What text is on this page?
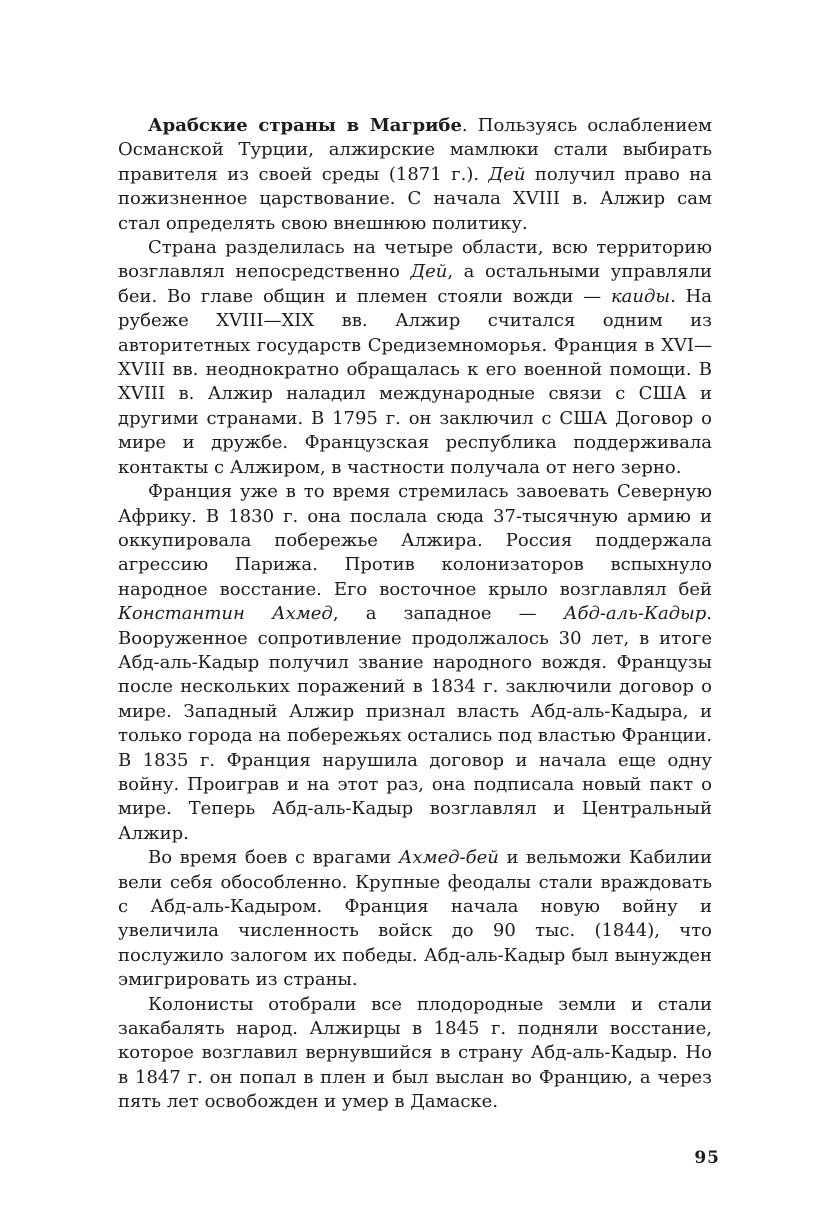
Арабские страны в Магрибе. Пользуясь ослаблением Османской Турции, алжирские мамлюки стали выбирать правителя из своей среды (1871 г.). Дей получил право на пожизненное царствование. С начала XVIII в. Алжир сам стал определять свою внешнюю политику.

Страна разделилась на четыре области, всю территорию возглавлял непосредственно Дей, а остальными управляли беи. Во главе общин и племен стояли вожди — каиды. На рубеже XVIII—XIX вв. Алжир считался одним из авторитетных государств Средиземноморья. Франция в XVI—XVIII вв. неоднократно обращалась к его военной помощи. В XVIII в. Алжир наладил международные связи с США и другими странами. В 1795 г. он заключил с США Договор о мире и дружбе. Французская республика поддерживала контакты с Алжиром, в частности получала от него зерно.

Франция уже в то время стремилась завоевать Северную Африку. В 1830 г. она послала сюда 37-тысячную армию и оккупировала побережье Алжира. Россия поддержала агрессию Парижа. Против колонизаторов вспыхнуло народное восстание. Его восточное крыло возглавлял бей Константин Ахмед, а западное — Абд-аль-Кадыр. Вооруженное сопротивление продолжалось 30 лет, в итоге Абд-аль-Кадыр получил звание народного вождя. Французы после нескольких поражений в 1834 г. заключили договор о мире. Западный Алжир признал власть Абд-аль-Кадыра, и только города на побережьях остались под властью Франции. В 1835 г. Франция нарушила договор и начала еще одну войну. Проиграв и на этот раз, она подписала новый пакт о мире. Теперь Абд-аль-Кадыр возглавлял и Центральный Алжир.

Во время боев с врагами Ахмед-бей и вельможи Кабилии вели себя обособленно. Крупные феодалы стали враждовать с Абд-аль-Кадыром. Франция начала новую войну и увеличила численность войск до 90 тыс. (1844), что послужило залогом их победы. Абд-аль-Кадыр был вынужден эмигрировать из страны.

Колонисты отобрали все плодородные земли и стали закабалять народ. Алжирцы в 1845 г. подняли восстание, которое возглавил вернувшийся в страну Абд-аль-Кадыр. Но в 1847 г. он попал в плен и был выслан во Францию, а через пять лет освобожден и умер в Дамаске.

95
